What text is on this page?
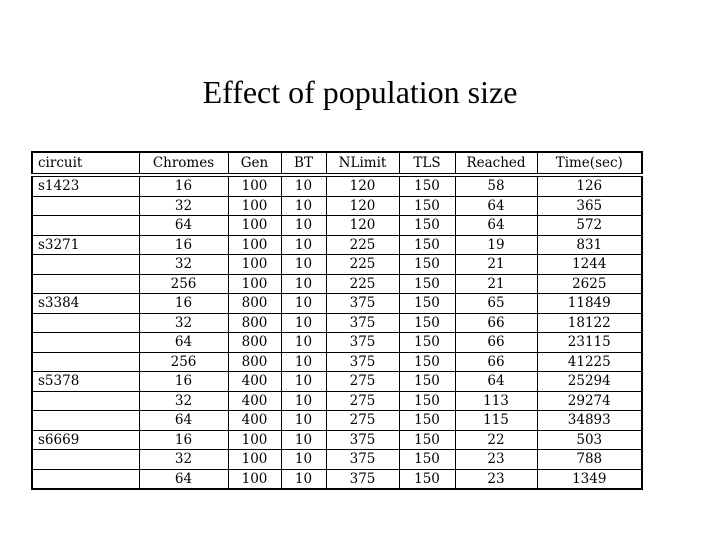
Effect of population size
circuit	Chromes	Gen	BT	NLimit	TLS	Reached	Time(sec)
s1423	16	100	10	120	150	58	126
	32	100	10	120	150	64	365
	64	100	10	120	150	64	572
s3271	16	100	10	225	150	19	831
	32	100	10	225	150	21	1244
	256	100	10	225	150	21	2625
s3384	16	800	10	375	150	65	11849
	32	800	10	375	150	66	18122
	64	800	10	375	150	66	23115
	256	800	10	375	150	66	41225
s5378	16	400	10	275	150	64	25294
	32	400	10	275	150	113	29274
	64	400	10	275	150	115	34893
s6669	16	100	10	375	150	22	503
	32	100	10	375	150	23	788
	64	100	10	375	150	23	1349
